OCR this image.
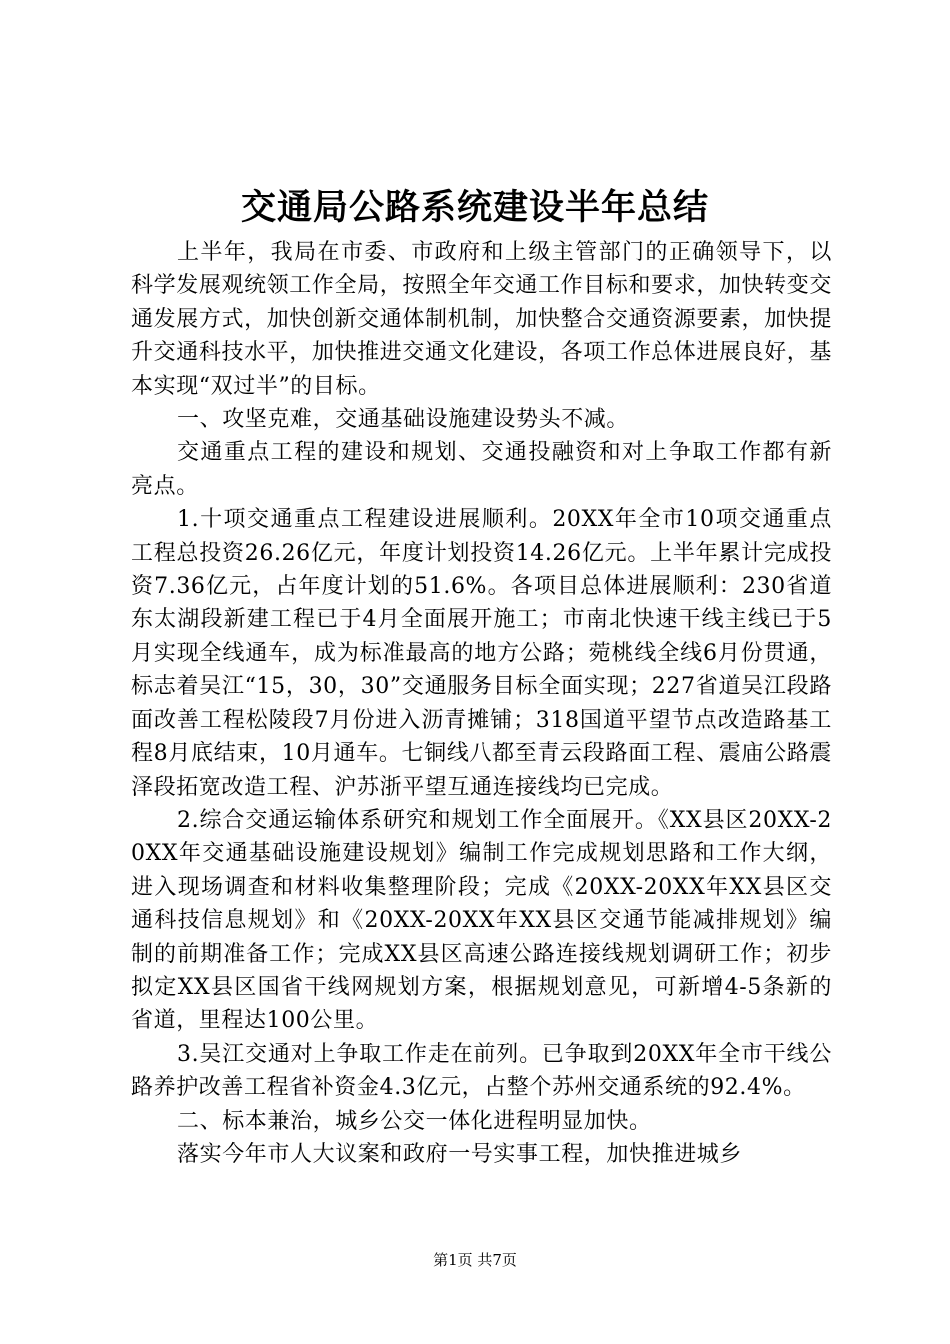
交通局公路系统建设半年总结

上半年，我局在市委、市政府和上级主管部门的正确领导下，以科学发展观统领工作全局，按照全年交通工作目标和要求，加快转变交通发展方式，加快创新交通体制机制，加快整合交通资源要素，加快提升交通科技水平，加快推进交通文化建设，各项工作总体进展良好，基本实现“双过半”的目标。

一、攻坚克难，交通基础设施建设势头不减。

交通重点工程的建设和规划、交通投融资和对上争取工作都有新亮点。

1.十项交通重点工程建设进展顺利。20XX年全市10项交通重点工程总投资26.26亿元，年度计划投资14.26亿元。上半年累计完成投资7.36亿元，占年度计划的51.6%。各项目总体进展顺利：230省道东太湖段新建工程已于4月全面展开施工；市南北快速干线主线已于5月实现全线通车，成为标准最高的地方公路；菀桃线全线6月份贯通，标志着吴江“15，30，30”交通服务目标全面实现；227省道吴江段路面改善工程松陵段7月份进入沥青摊铺；318国道平望节点改造路基工程8月底结束，10月通车。七铜线八都至青云段路面工程、震庙公路震泽段拓宽改造工程、沪苏浙平望互通连接线均已完成。

2.综合交通运输体系研究和规划工作全面展开。《XX县区20XX-20XX年交通基础设施建设规划》编制工作完成规划思路和工作大纲，进入现场调查和材料收集整理阶段；完成《20XX-20XX年XX县区交通科技信息规划》和《20XX-20XX年XX县区交通节能减排规划》编制的前期准备工作；完成XX县区高速公路连接线规划调研工作；初步拟定XX县区国省干线网规划方案，根据规划意见，可新增4-5条新的省道，里程达100公里。

3.吴江交通对上争取工作走在前列。已争取到20XX年全市干线公路养护改善工程省补资金4.3亿元，占整个苏州交通系统的92.4%。

二、标本兼治，城乡公交一体化进程明显加快。

落实今年市人大议案和政府一号实事工程，加快推进城乡

第1页 共7页
